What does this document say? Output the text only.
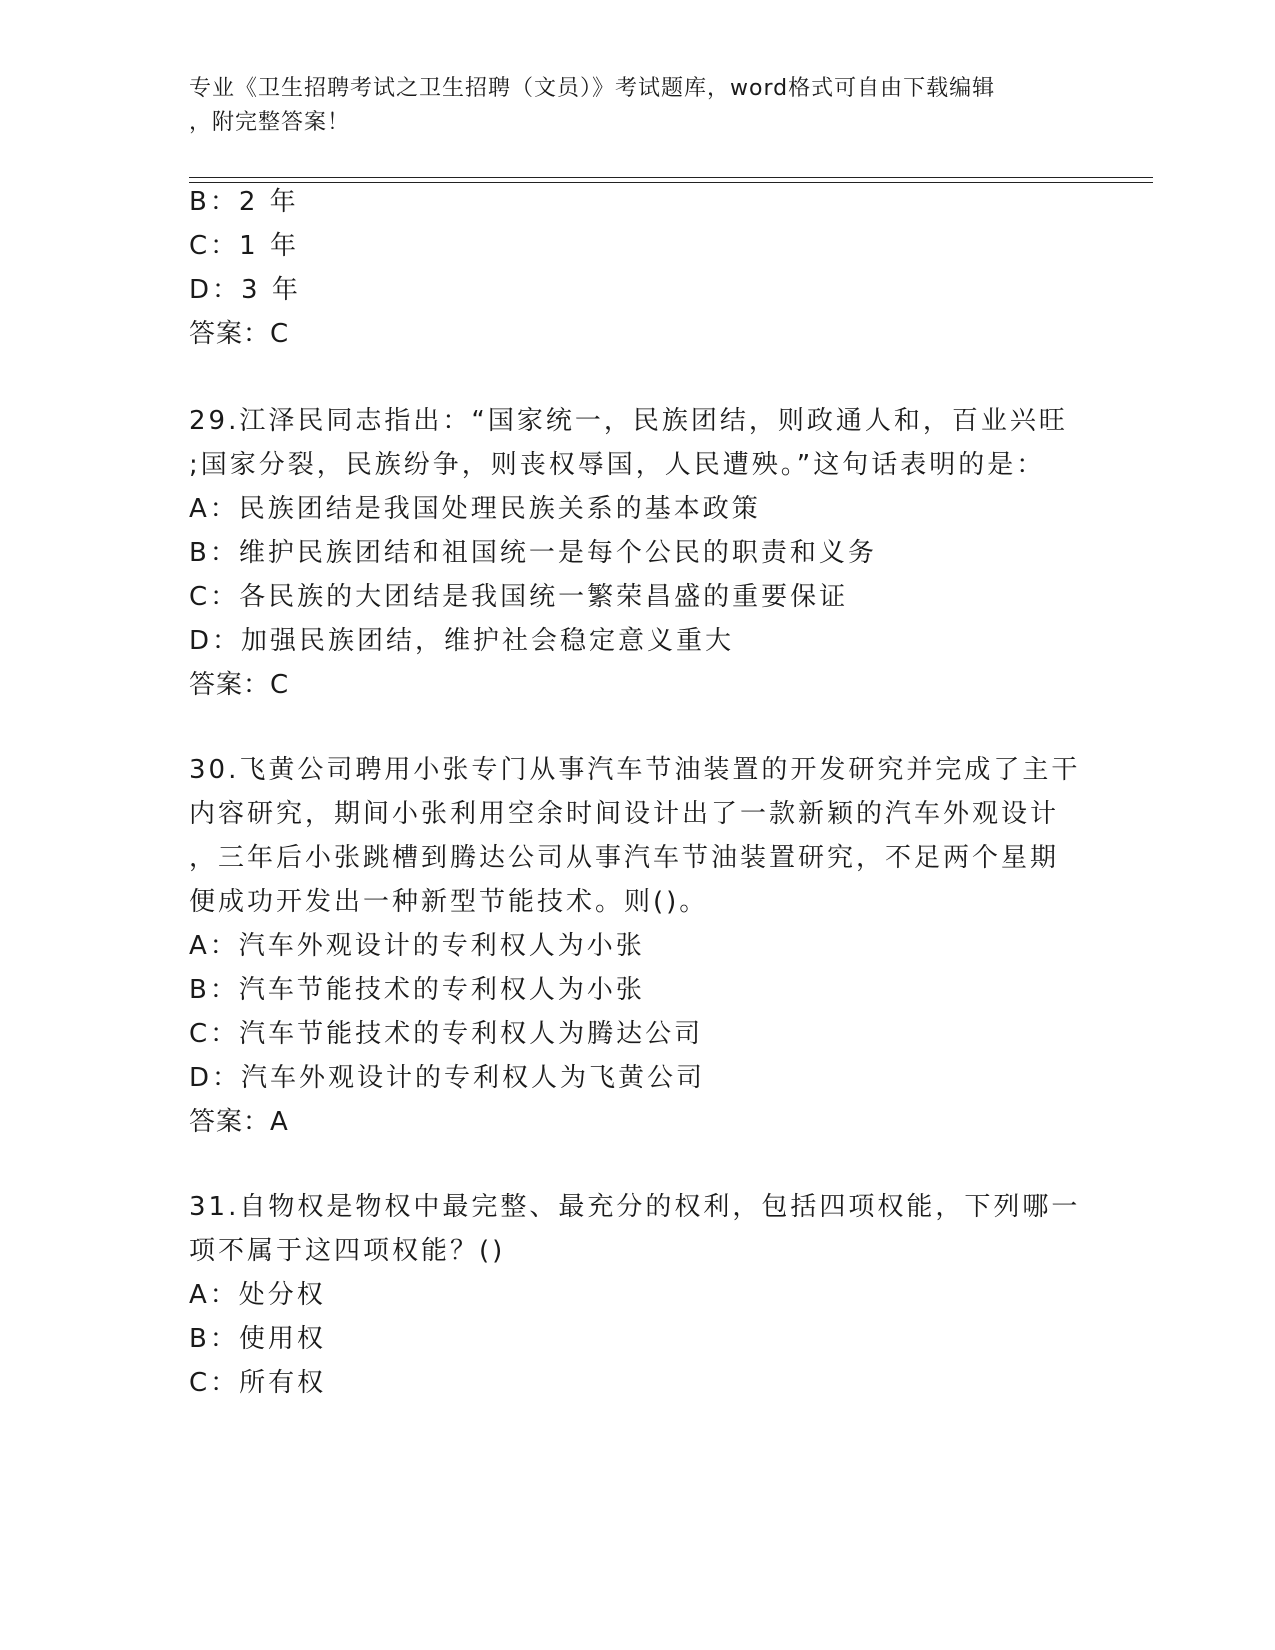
专业《卫生招聘考试之卫生招聘（文员）》考试题库，word格式可自由下载编辑
，附完整答案！
B：2 年
C：1 年
D：3 年
答案：C
29.江泽民同志指出：“国家统一，民族团结，则政通人和，百业兴旺
;国家分裂，民族纷争，则丧权辱国，人民遭殃。”这句话表明的是：
A：民族团结是我国处理民族关系的基本政策
B：维护民族团结和祖国统一是每个公民的职责和义务
C：各民族的大团结是我国统一繁荣昌盛的重要保证
D：加强民族团结，维护社会稳定意义重大
答案：C
30.飞黄公司聘用小张专门从事汽车节油装置的开发研究并完成了主干
内容研究，期间小张利用空余时间设计出了一款新颖的汽车外观设计
，三年后小张跳槽到腾达公司从事汽车节油装置研究，不足两个星期
便成功开发出一种新型节能技术。则()。
A：汽车外观设计的专利权人为小张
B：汽车节能技术的专利权人为小张
C：汽车节能技术的专利权人为腾达公司
D：汽车外观设计的专利权人为飞黄公司
答案：A
31.自物权是物权中最完整、最充分的权利，包括四项权能，下列哪一
项不属于这四项权能？()
A：处分权
B：使用权
C：所有权
